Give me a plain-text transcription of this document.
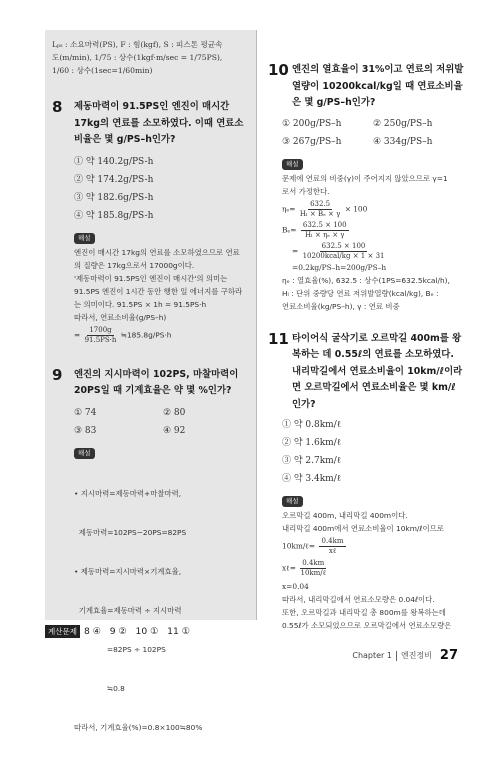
Lₚₛ : 소요마력(PS), F : 힘(kgf), S : 피스톤 평균속
도(m/min), 1/75 : 상수(1kgf·m/sec = 1/75PS),
1/60 : 상수(1sec=1/60min)
8	제동마력이 91.5PS인 엔진이 매시간 17kg의 연료를 소모하였다. 이때 연료소비율은 몇 g/PS–h인가?
① 약 140.2g/PS-h
② 약 174.2g/PS-h
③ 약 182.6g/PS-h
④ 약 185.8g/PS-h
해설
엔진이 매시간 17kg의 연료를 소모하였으므로 연료
의 질량은 17kg으로서 17000g이다.
'제동마력이 91.5PS인 엔진이 매시간'의 의미는
91.5PS 엔진이 1시간 동안 행한 일 에너지를 구하라
는 의미이다. 91.5PS × 1h = 91.5PS·h
따라서, 연료소비율(g/PS–h)
= $\frac{1700g}{91.5PS\cdot h}$ ≒185.8g/PS·h
9	엔진의 지시마력이 102PS, 마찰마력이 20PS일 때 기계효율은 약 몇 %인가?
① 74	② 80
③ 83	④ 92
해설

• 지시마력=제동마력+마찰마력,

제동마력=102PS−20PS=82PS

• 제동마력=지시마력×기계효율,

기계효율=제동마력 ÷ 지시마력

=82PS ÷ 102PS

≒0.8

따라서, 기계효율(%)=0.8×100≒80%

10 엔진의 열효율이 31%이고 연료의 저위발열량이 10200kcal/kg일 때 연료소비율은 몇 g/PS–h인가?
① 200g/PS–h	② 250g/PS–h
③ 267g/PS–h	④ 334g/PS–h
해설
문제에 연료의 비중(γ)이 주어지지 않았으므로 γ=1
로서 가정한다.
$\eta_e= \frac{632.5}{\text{Hₗ × Bₑ × γ}} \times 100$
$B_e= \frac{632.5 \times 100}{\text{Hₗ × ηₑ × γ}}$
= $\frac{632.5 \times 100}{\text{10200kcal/kg × 1 × 31}}$
=0.2kg/PS–h=200g/PS–h
ηₑ : 열효율(%), 632.5 : 상수(1PS=632.5kcal/h),
Hₗ : 단위 중량당 연료 저위발열량(kcal/kg), Bₑ :
연료소비율(kg/PS–h), γ : 연료 비중
11 타이어식 굴삭기로 오르막길 400m를 왕복하는 데 0.55ℓ의 연료를 소모하였다. 내리막길에서 연료소비율이 10km/ℓ이라면 오르막길에서 연료소비율은 몇 km/ℓ인가?
① 약 0.8km/ℓ
② 약 1.6km/ℓ
③ 약 2.7km/ℓ
④ 약 3.4km/ℓ
해설
오르막길 400m, 내리막길 400m이다.
내리막길 400m에서 연료소비율이 10km/ℓ이므로
10km/ℓ= $\frac{0.4km}{\text{xℓ}}$
xℓ= $\frac{0.4km}{\text{10km/ℓ}}$
x=0.04
따라서, 내리막길에서 연료소모량은 0.04ℓ이다.
또한, 오르막길과 내리막길 총 800m를 왕복하는데
0.55ℓ가 소모되었으므로 오르막길에서 연료소모량은
계산문제 8 ④   9 ②   10 ①   11 ①
Chapter 1 엔진정비 27
